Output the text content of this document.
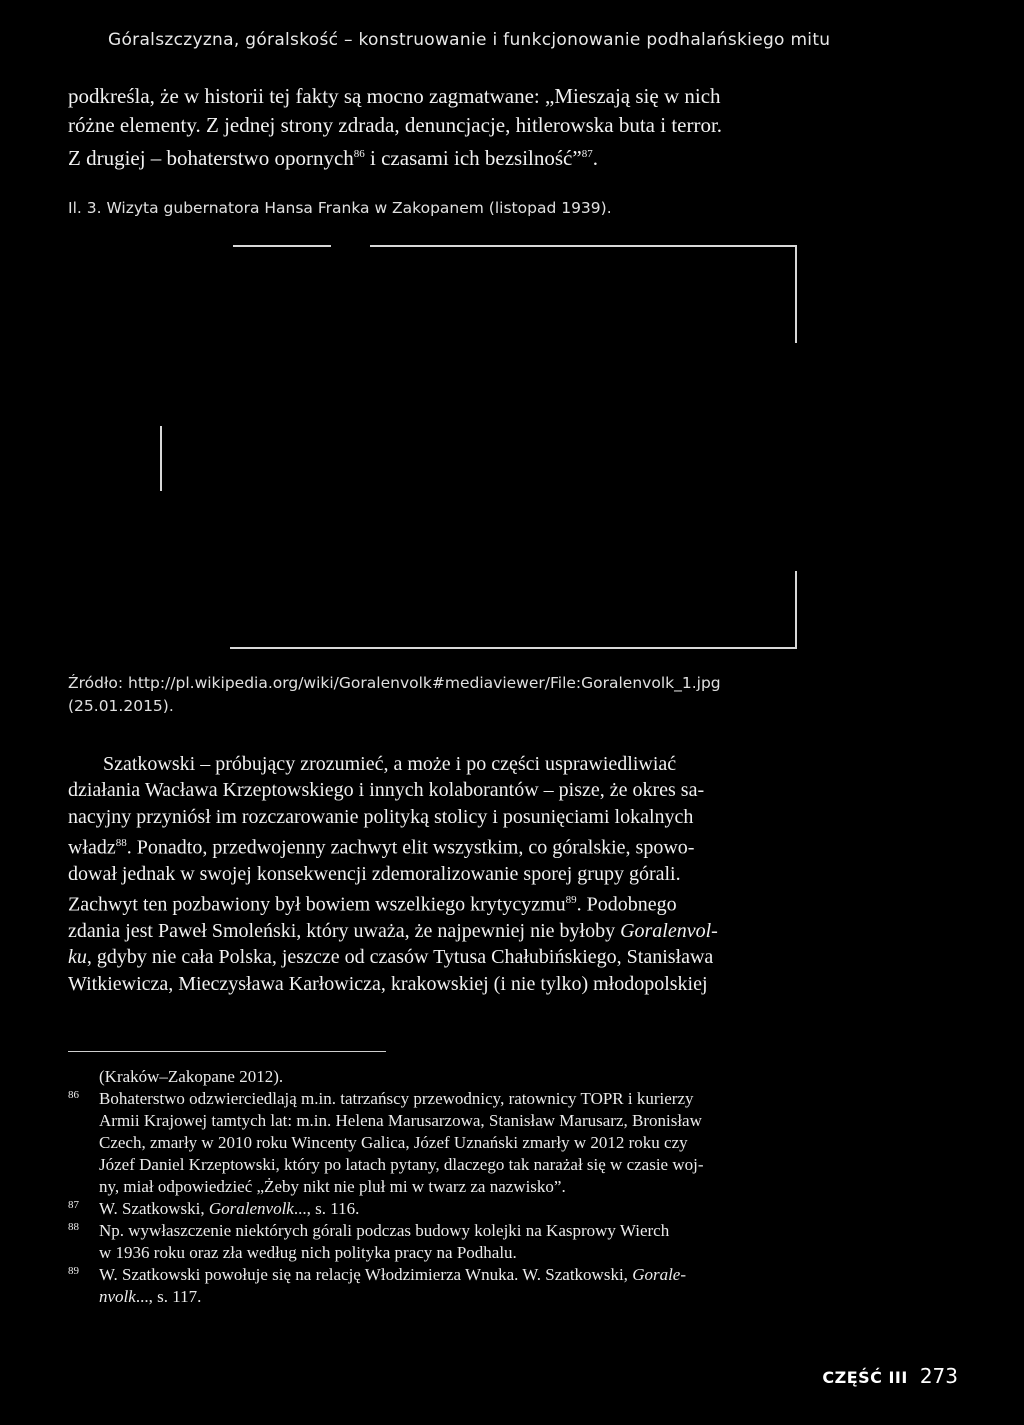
Góralszczyzna, góralskość – konstruowanie i funkcjonowanie podhalańskiego mitu
podkreśla, że w historii tej fakty są mocno zagmatwane: „Mieszają się w nich
różne elementy. Z jednej strony zdrada, denuncjacje, hitlerowska buta i terror.
Z drugiej – bohaterstwo opornych$^{86}$ i czasami ich bezsilność”$^{87}$.
Il. 3. Wizyta gubernatora Hansa Franka w Zakopanem (listopad 1939).
Źródło: http://pl.wikipedia.org/wiki/Goralenvolk#mediaviewer/File:Goralenvolk_1.jpg
(25.01.2015).
Szatkowski – próbujący zrozumieć, a może i po części usprawiedliwiać
działania Wacława Krzeptowskiego i innych kolaborantów – pisze, że okres sa-
nacyjny przyniósł im rozczarowanie polityką stolicy i posunięciami lokalnych
władz$^{88}$. Ponadto, przedwojenny zachwyt elit wszystkim, co góralskie, spowo-
dował jednak w swojej konsekwencji zdemoralizowanie sporej grupy górali.
Zachwyt ten pozbawiony był bowiem wszelkiego krytycyzmu$^{89}$. Podobnego
zdania jest Paweł Smoleński, który uważa, że najpewniej nie byłoby Goralenvol-
ku, gdyby nie cała Polska, jeszcze od czasów Tytusa Chałubińskiego, Stanisława
Witkiewicza, Mieczysława Karłowicza, krakowskiej (i nie tylko) młodopolskiej
(Kraków–Zakopane 2012).
86 Bohaterstwo odzwierciedlają m.in. tatrzańscy przewodnicy, ratownicy TOPR i kurierzy
Armii Krajowej tamtych lat: m.in. Helena Marusarzowa, Stanisław Marusarz, Bronisław
Czech, zmarły w 2010 roku Wincenty Galica, Józef Uznański zmarły w 2012 roku czy
Józef Daniel Krzeptowski, który po latach pytany, dlaczego tak narażał się w czasie woj-
ny, miał odpowiedzieć „Żeby nikt nie pluł mi w twarz za nazwisko”.
87 W. Szatkowski, Goralenvolk..., s. 116.
88 Np. wywłaszczenie niektórych górali podczas budowy kolejki na Kasprowy Wierch
w 1936 roku oraz zła według nich polityka pracy na Podhalu.
89 W. Szatkowski powołuje się na relację Włodzimierza Wnuka. W. Szatkowski, Gorale-
nvolk..., s. 117.
CZĘŚĆ III 273
